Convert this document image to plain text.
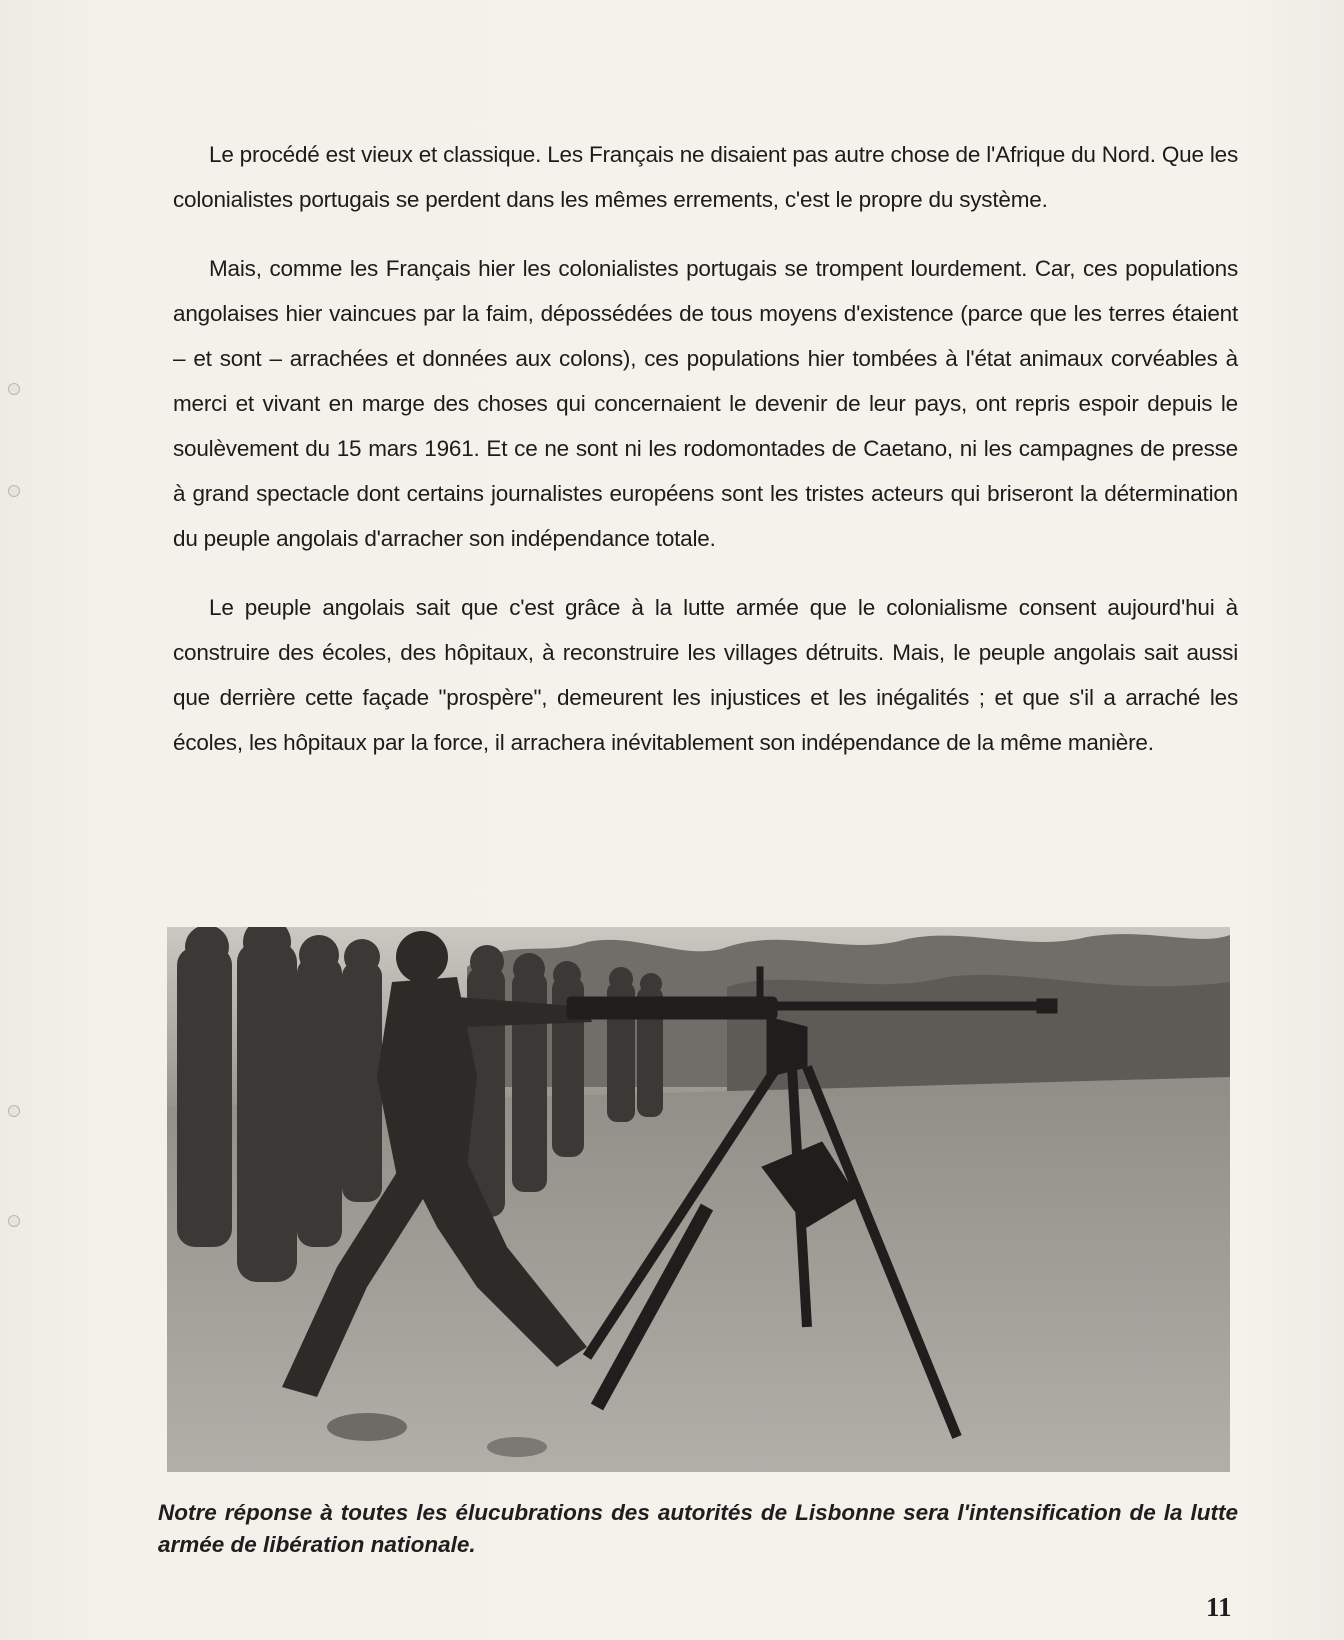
Le procédé est vieux et classique. Les Français ne disaient pas autre chose de l'Afrique du Nord. Que les colonialistes portugais se perdent dans les mêmes errements, c'est le propre du système.

Mais, comme les Français hier les colonialistes portugais se trompent lourdement. Car, ces populations angolaises hier vaincues par la faim, dépossédées de tous moyens d'existence (parce que les terres étaient – et sont – arrachées et données aux colons), ces populations hier tombées à l'état animaux corvéables à merci et vivant en marge des choses qui concernaient le devenir de leur pays, ont repris espoir depuis le soulèvement du 15 mars 1961. Et ce ne sont ni les rodomontades de Caetano, ni les campagnes de presse à grand spectacle dont certains journalistes européens sont les tristes acteurs qui briseront la détermination du peuple angolais d'arracher son indépendance totale.

Le peuple angolais sait que c'est grâce à la lutte armée que le colonialisme consent aujourd'hui à construire des écoles, des hôpitaux, à reconstruire les villages détruits. Mais, le peuple angolais sait aussi que derrière cette façade "prospère", demeurent les injustices et les inégalités ; et que s'il a arraché les écoles, les hôpitaux par la force, il arrachera inévitablement son indépendance de la même manière.

Notre réponse à toutes les élucubrations des autorités de Lisbonne sera l'intensification de la lutte armée de libération nationale.
11
